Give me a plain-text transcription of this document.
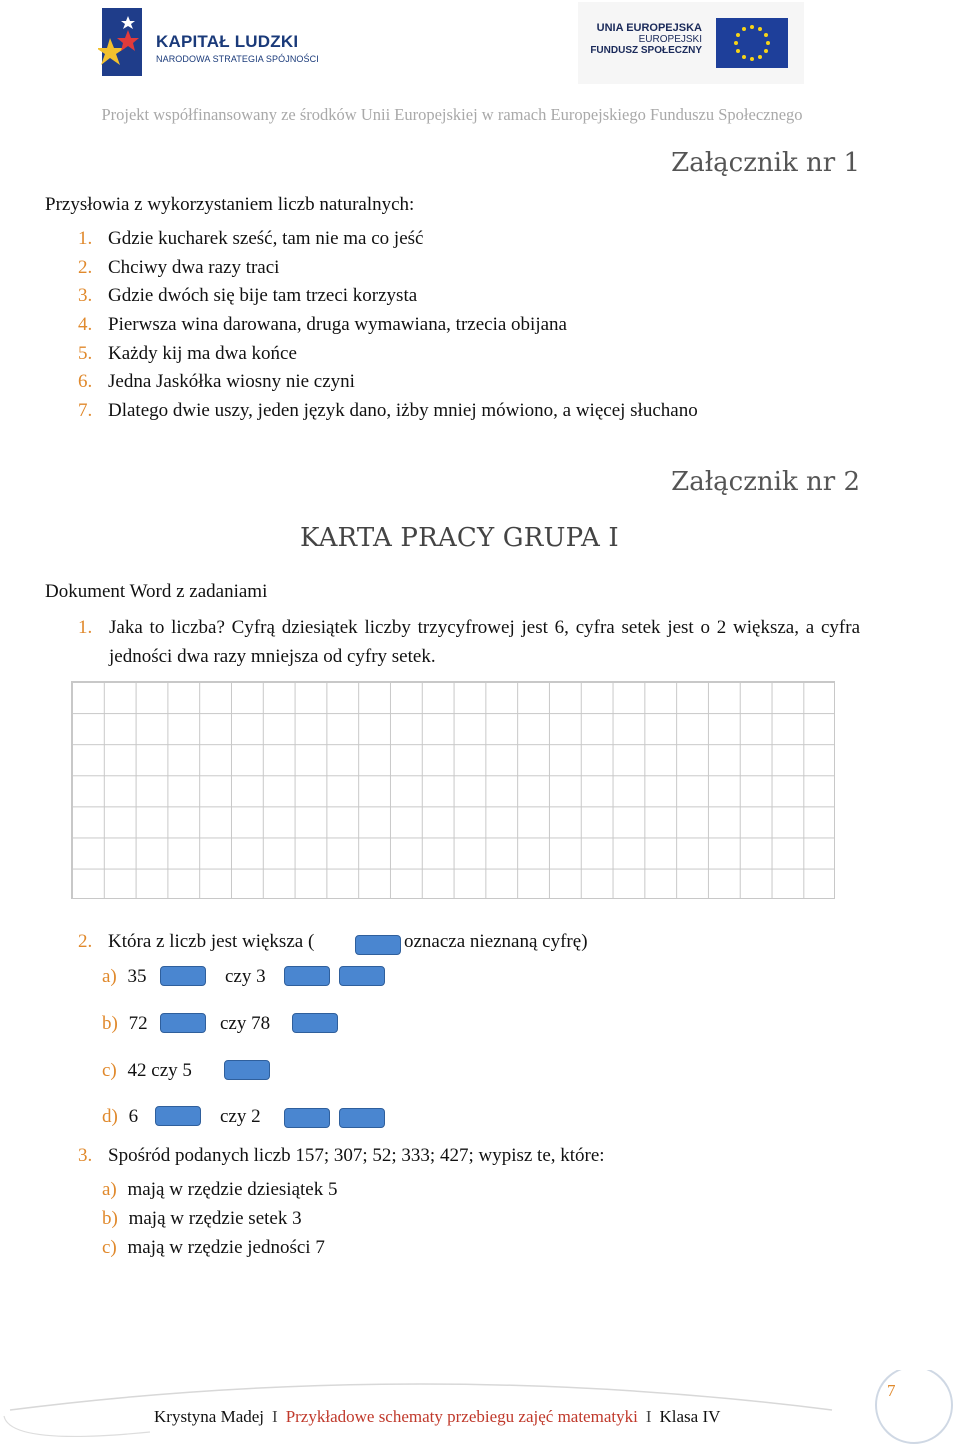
KAPITAŁ LUDZKI
NARODOWA STRATEGIA SPÓJNOŚCI
UNIA EUROPEJSKA
EUROPEJSKI
FUNDUSZ SPOŁECZNY
Projekt współfinansowany ze środków Unii Europejskiej w ramach Europejskiego Funduszu Społecznego
Załącznik nr 1
Przysłowia z wykorzystaniem liczb naturalnych:
1. Gdzie kucharek sześć, tam nie ma co jeść
2. Chciwy dwa razy traci
3. Gdzie dwóch się bije tam trzeci korzysta
4. Pierwsza wina darowana, druga wymawiana, trzecia obijana
5. Każdy kij ma dwa końce
6. Jedna Jaskółka wiosny nie czyni
7. Dlatego dwie uszy, jeden język dano, iżby mniej mówiono, a więcej słuchano
Załącznik nr 2
KARTA PRACY GRUPA I
Dokument Word z zadaniami
1. Jaka to liczba? Cyfrą dziesiątek liczby trzycyfrowej jest 6, cyfra setek jest o 2 większa, a cyfra jedności dwa razy mniejsza od cyfry setek.
2. Która z liczb jest większa (	oznacza nieznaną cyfrę)
a) 35	czy 3
b) 72	czy 78
c) 42 czy 5
d) 6	czy 2
3. Spośród podanych liczb 157; 307; 52; 333; 427; wypisz te, które:
a) mają w rzędzie dziesiątek 5
b) mają w rzędzie setek 3
c) mają w rzędzie jedności 7
Krystyna Madej I Przykładowe schematy przebiegu zajęć matematyki I Klasa IV
7
